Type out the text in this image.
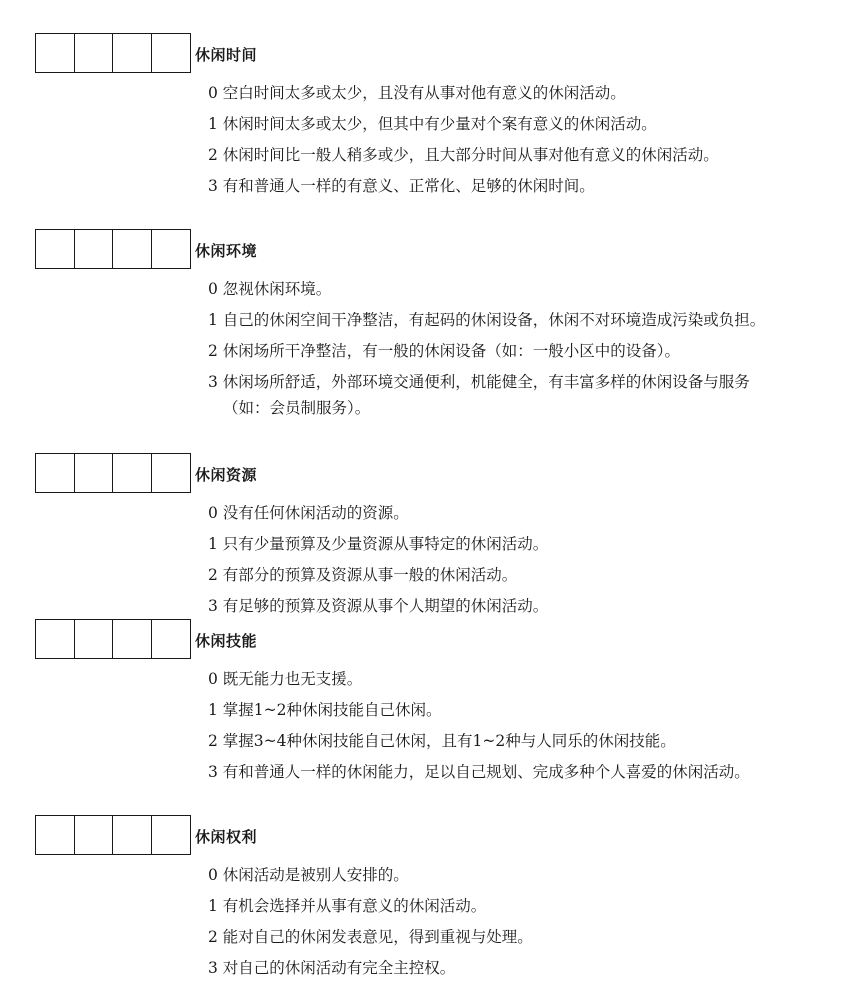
休闲时间
0 空白时间太多或太少，且没有从事对他有意义的休闲活动。
1 休闲时间太多或太少，但其中有少量对个案有意义的休闲活动。
2 休闲时间比一般人稍多或少，且大部分时间从事对他有意义的休闲活动。
3 有和普通人一样的有意义、正常化、足够的休闲时间。
休闲环境
0 忽视休闲环境。
1 自己的休闲空间干净整洁，有起码的休闲设备，休闲不对环境造成污染或负担。
2 休闲场所干净整洁，有一般的休闲设备（如：一般小区中的设备）。
3 休闲场所舒适，外部环境交通便利，机能健全，有丰富多样的休闲设备与服务（如：会员制服务）。
休闲资源
0 没有任何休闲活动的资源。
1 只有少量预算及少量资源从事特定的休闲活动。
2 有部分的预算及资源从事一般的休闲活动。
3 有足够的预算及资源从事个人期望的休闲活动。
休闲技能
0 既无能力也无支援。
1 掌握1~2种休闲技能自己休闲。
2 掌握3~4种休闲技能自己休闲，且有1~2种与人同乐的休闲技能。
3 有和普通人一样的休闲能力，足以自己规划、完成多种个人喜爱的休闲活动。
休闲权利
0 休闲活动是被别人安排的。
1 有机会选择并从事有意义的休闲活动。
2 能对自己的休闲发表意见，得到重视与处理。
3 对自己的休闲活动有完全主控权。
